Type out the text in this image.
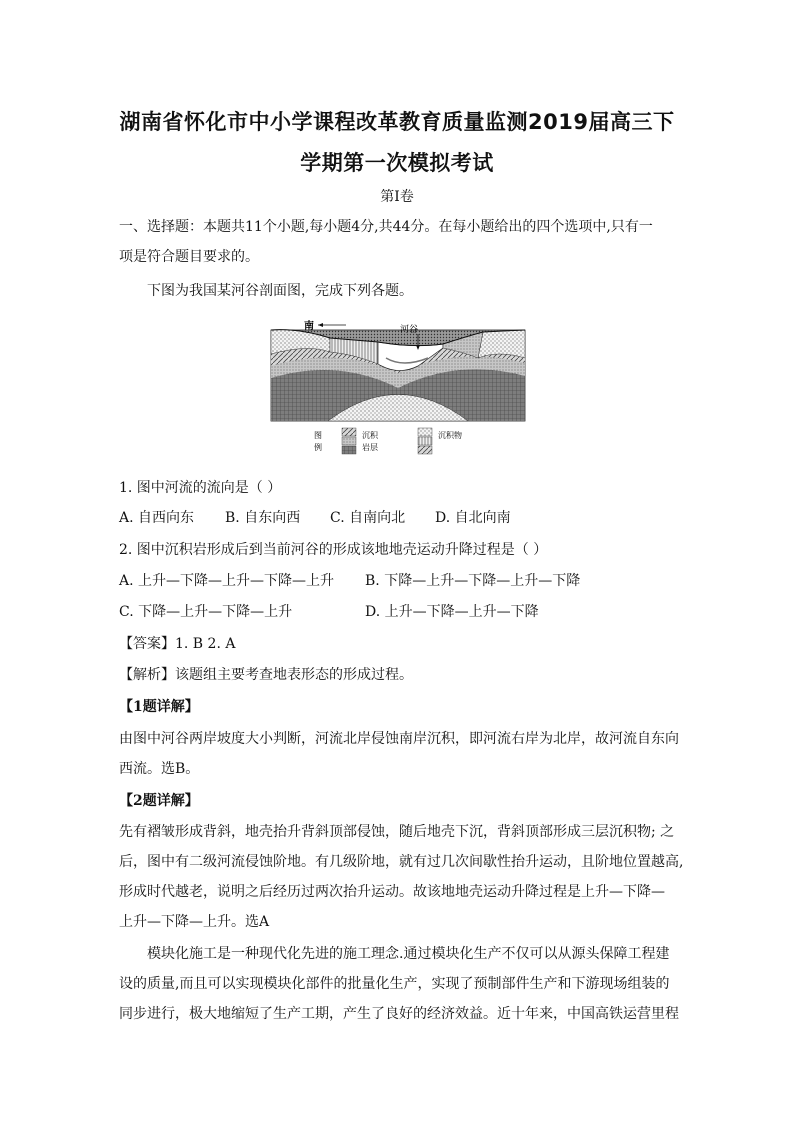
湖南省怀化市中小学课程改革教育质量监测2019届高三下
学期第一次模拟考试
第Ⅰ卷
一、选择题：本题共11个小题,每小题4分,共44分。在每小题给出的四个选项中,只有一
项是符合题目要求的。
下图为我国某河谷剖面图，完成下列各题。
南	河谷
图
例
沉积
岩层
沉积物
1. 图中河流的流向是（ ）
A. 自西向东 B. 自东向西 C. 自南向北 D. 自北向南
2. 图中沉积岩形成后到当前河谷的形成该地地壳运动升降过程是（ ）
A. 上升—下降—上升—下降—上升 B. 下降—上升—下降—上升—下降
C. 下降—上升—下降—上升	D. 上升—下降—上升—下降
【答案】1. B 2. A
【解析】该题组主要考查地表形态的形成过程。
【1题详解】
由图中河谷两岸坡度大小判断，河流北岸侵蚀南岸沉积，即河流右岸为北岸，故河流自东向
西流。选B。
【2题详解】
先有褶皱形成背斜，地壳抬升背斜顶部侵蚀，随后地壳下沉，背斜顶部形成三层沉积物; 之
后，图中有二级河流侵蚀阶地。有几级阶地，就有过几次间歇性抬升运动，且阶地位置越高,
形成时代越老，说明之后经历过两次抬升运动。故该地地壳运动升降过程是上升—下降—
上升—下降—上升。选A
模块化施工是一种现代化先进的施工理念.通过模块化生产不仅可以从源头保障工程建
设的质量,而且可以实现模块化部件的批量化生产，实现了预制部件生产和下游现场组装的
同步进行，极大地缩短了生产工期，产生了良好的经济效益。近十年来，中国高铁运营里程
